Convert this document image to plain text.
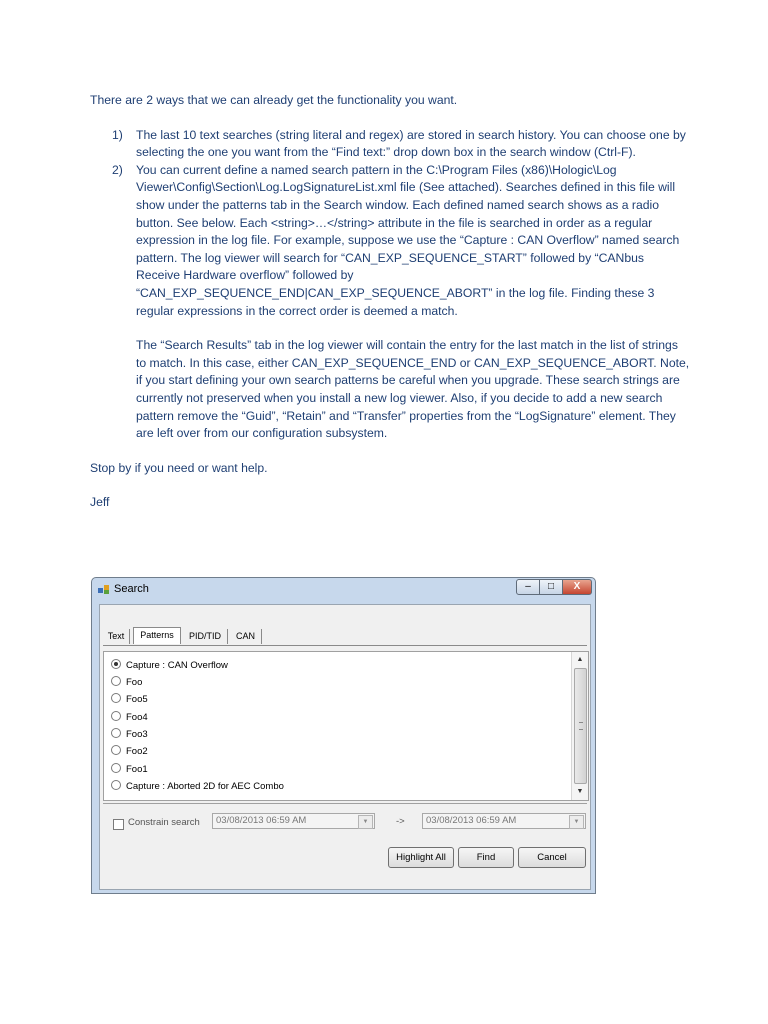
There are 2 ways that we can already get the functionality you want.

1) The last 10 text searches (string literal and regex) are stored in search history. You can choose one by selecting the one you want from the “Find text:” drop down box in the search window (Ctrl-F).
2) You can current define a named search pattern in the C:\Program Files (x86)\Hologic\Log Viewer\Config\Section\Log.LogSignatureList.xml file (See attached). Searches defined in this file will show under the patterns tab in the Search window. Each defined named search shows as a radio button. See below. Each <string>…</string> attribute in the file is searched in order as a regular expression in the log file. For example, suppose we use the “Capture : CAN Overflow” named search pattern. The log viewer will search for “CAN_EXP_SEQUENCE_START” followed by “CANbus Receive Hardware overflow” followed by “CAN_EXP_SEQUENCE_END|CAN_EXP_SEQUENCE_ABORT” in the log file. Finding these 3 regular expressions in the correct order is deemed a match.

The “Search Results” tab in the log viewer will contain the entry for the last match in the list of strings to match. In this case, either CAN_EXP_SEQUENCE_END or CAN_EXP_SEQUENCE_ABORT. Note, if you start defining your own search patterns be careful when you upgrade. These search strings are currently not preserved when you install a new log viewer. Also, if you decide to add a new search pattern remove the “Guid”, “Retain” and “Transfer” properties from the “LogSignature” element. They are left over from our configuration subsystem.

Stop by if you need or want help.

Jeff

Search	–	□	X
Text	Patterns	PID/TID	CAN
Capture : CAN Overflow
Foo
Foo5
Foo4
Foo3
Foo2
Foo1
Capture : Aborted 2D for AEC Combo
▲
▼
Constrain search	03/08/2013 06:59 AM	▼	->	03/08/2013 06:59 AM	▼
Highlight All	Find	Cancel
